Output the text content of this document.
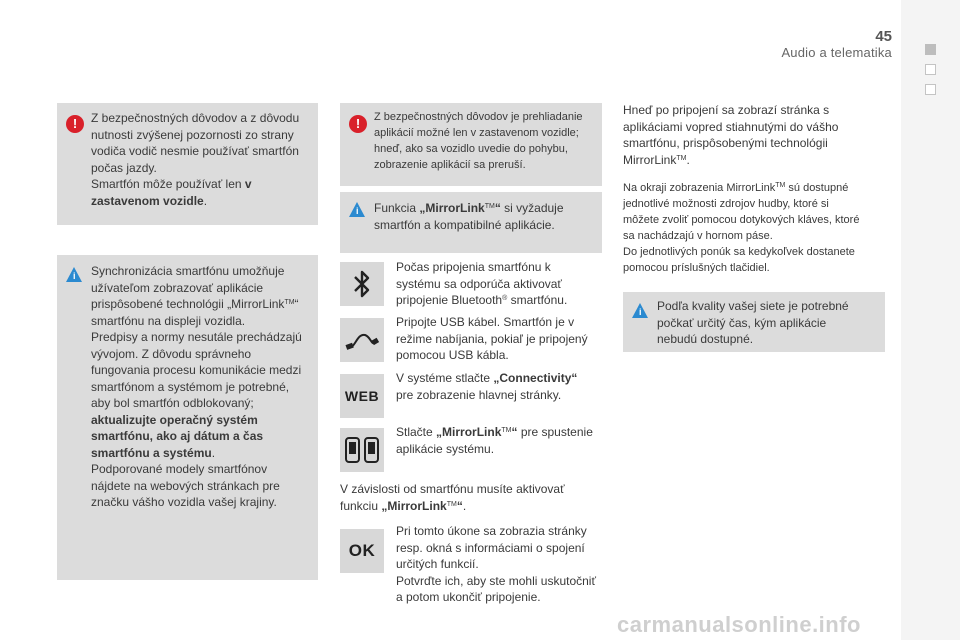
45
Audio a telematika
!	Z bezpečnostných dôvodov a z dôvodu
nutnosti zvýšenej pozornosti zo strany
vodiča vodič nesmie používať smartfón
počas jazdy.
Smartfón môže používať len v
zastavenom vozidle.
i Synchronizácia smartfónu umožňuje
užívateľom zobrazovať aplikácie
prispôsobené technológii „MirrorLink™“
smartfónu na displeji vozidla.
Predpisy a normy nesutále prechádzajú
vývojom. Z dôvodu správneho
fungovania procesu komunikácie medzi
smartfónom a systémom je potrebné,
aby bol smartfón odblokovaný;
aktualizujte operačný systém
smartfónu, ako aj dátum a čas
smartfónu a systému.
Podporované modely smartfónov
nájdete na webových stránkach pre
značku vášho vozidla vašej krajiny.
!	Z bezpečnostných dôvodov je prehliadanie
aplikácií možné len v zastavenom vozidle;
hneď, ako sa vozidlo uvedie do pohybu,
zobrazenie aplikácií sa preruší.
i Funkcia „MirrorLink™“ si vyžaduje
smartfón a kompatibilné aplikácie.
Počas pripojenia smartfónu k
systému sa odporúča aktivovať
pripojenie Bluetooth® smartfónu.
Pripojte USB kábel. Smartfón je v
režime nabíjania, pokiaľ je pripojený
pomocou USB kábla.
WEB
V systéme stlačte „Connectivity“
pre zobrazenie hlavnej stránky.
Stlačte „MirrorLink™“ pre spustenie
aplikácie systému.
V závislosti od smartfónu musíte aktivovať
funkciu „MirrorLink™“.
OK
Pri tomto úkone sa zobrazia stránky
resp. okná s informáciami o spojení
určitých funkcií.
Potvrďte ich, aby ste mohli uskutočniť
a potom ukončiť pripojenie.
Hneď po pripojení sa zobrazí stránka s
aplikáciami vopred stiahnutými do vášho
smartfónu, prispôsobenými technológii
MirrorLink™.
Na okraji zobrazenia MirrorLink™ sú dostupné
jednotlivé možnosti zdrojov hudby, ktoré si
môžete zvoliť pomocou dotykových kláves, ktoré
sa nachádzajú v hornom páse.
Do jednotlivých ponúk sa kedykoľvek dostanete
pomocou príslušných tlačidiel.
i Podľa kvality vašej siete je potrebné
počkať určitý čas, kým aplikácie
nebudú dostupné.
carmanualsonline.info
